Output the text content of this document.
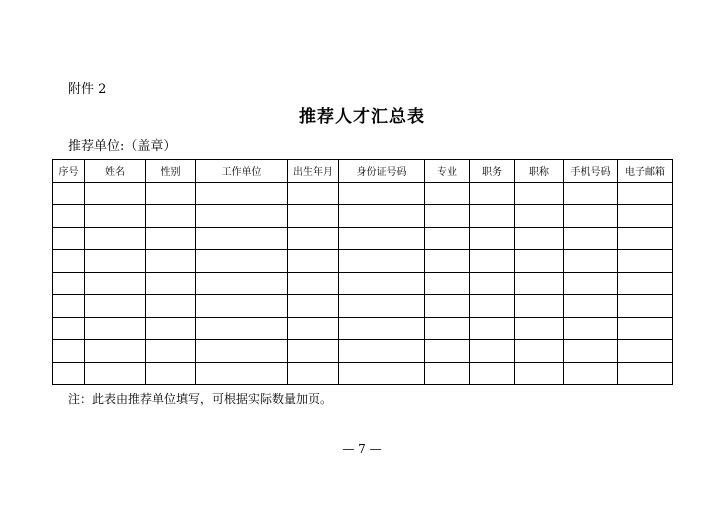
附件 2
推荐人才汇总表
推荐单位:（盖章）
序号	姓名	性别	工作单位	出生年月	身份证号码	专业	职务	职称	手机号码	电子邮箱

注：此表由推荐单位填写，可根据实际数量加页。
— 7 —
